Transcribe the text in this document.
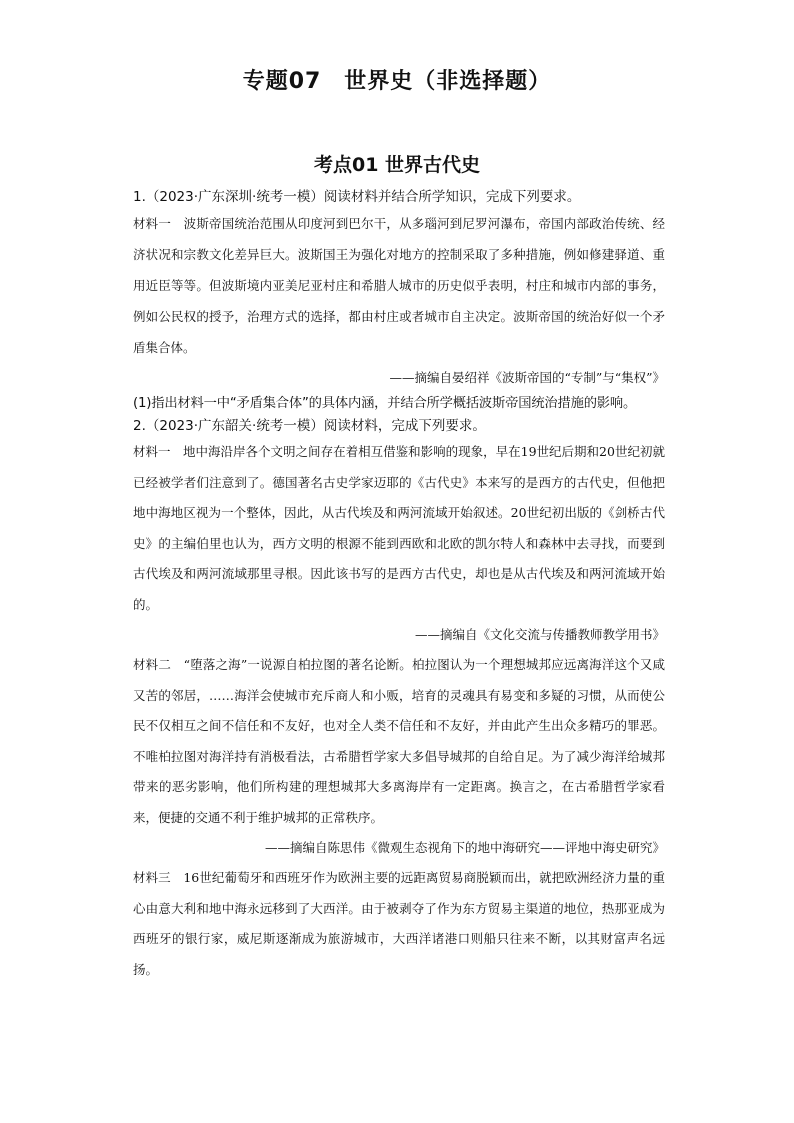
专题07　世界史（非选择题）
考点01 世界古代史

1.（2023·广东深圳·统考一模）阅读材料并结合所学知识，完成下列要求。

材料一　波斯帝国统治范围从印度河到巴尔干，从多瑙河到尼罗河瀑布，帝国内部政治传统、经济状况和宗教文化差异巨大。波斯国王为强化对地方的控制采取了多种措施，例如修建驿道、重用近臣等等。但波斯境内亚美尼亚村庄和希腊人城市的历史似乎表明，村庄和城市内部的事务，例如公民权的授予，治理方式的选择，都由村庄或者城市自主决定。波斯帝国的统治好似一个矛盾集合体。

——摘编自晏绍祥《波斯帝国的“专制”与“集权”》

(1)指出材料一中“矛盾集合体”的具体内涵，并结合所学概括波斯帝国统治措施的影响。

2.（2023·广东韶关·统考一模）阅读材料，完成下列要求。

材料一　地中海沿岸各个文明之间存在着相互借鉴和影响的现象，早在19世纪后期和20世纪初就已经被学者们注意到了。德国著名古史学家迈耶的《古代史》本来写的是西方的古代史，但他把地中海地区视为一个整体，因此，从古代埃及和两河流域开始叙述。20世纪初出版的《剑桥古代史》的主编伯里也认为，西方文明的根源不能到西欧和北欧的凯尔特人和森林中去寻找，而要到古代埃及和两河流域那里寻根。因此该书写的是西方古代史，却也是从古代埃及和两河流域开始的。

——摘编自《文化交流与传播教师教学用书》

材料二　“堕落之海”一说源自柏拉图的著名论断。柏拉图认为一个理想城邦应远离海洋这个又咸又苦的邻居，……海洋会使城市充斥商人和小贩，培育的灵魂具有易变和多疑的习惯，从而使公民不仅相互之间不信任和不友好，也对全人类不信任和不友好，并由此产生出众多精巧的罪恶。不唯柏拉图对海洋持有消极看法，古希腊哲学家大多倡导城邦的自给自足。为了减少海洋给城邦带来的恶劣影响，他们所构建的理想城邦大多离海岸有一定距离。换言之，在古希腊哲学家看来，便捷的交通不利于维护城邦的正常秩序。

——摘编自陈思伟《微观生态视角下的地中海研究——评地中海史研究》

材料三　16世纪葡萄牙和西班牙作为欧洲主要的远距离贸易商脱颖而出，就把欧洲经济力量的重心由意大利和地中海永远移到了大西洋。由于被剥夺了作为东方贸易主渠道的地位，热那亚成为西班牙的银行家，威尼斯逐渐成为旅游城市，大西洋诸港口则船只往来不断，以其财富声名远扬。
